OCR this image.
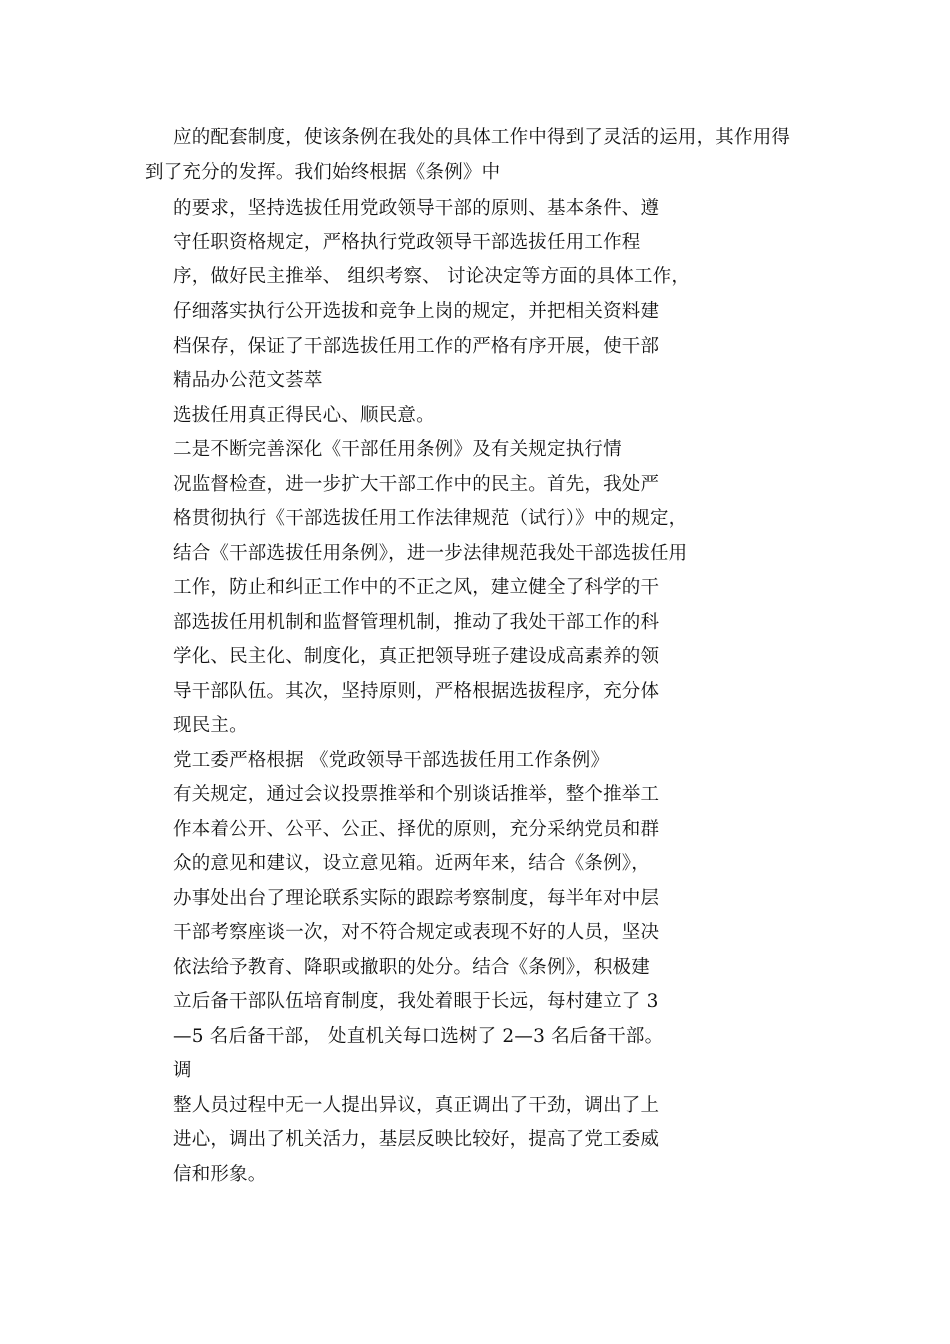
应的配套制度，使该条例在我处的具体工作中得到了灵活的运用，其作用得

到了充分的发挥。我们始终根据《条例》中

的要求，坚持选拔任用党政领导干部的原则、基本条件、遵

守任职资格规定，严格执行党政领导干部选拔任用工作程

序，做好民主推举、 组织考察、 讨论决定等方面的具体工作，

仔细落实执行公开选拔和竞争上岗的规定，并把相关资料建

档保存，保证了干部选拔任用工作的严格有序开展，使干部

精品办公范文荟萃

选拔任用真正得民心、顺民意。

二是不断完善深化《干部任用条例》及有关规定执行情

况监督检查，进一步扩大干部工作中的民主。首先，我处严

格贯彻执行《干部选拔任用工作法律规范（试行）》中的规定，

结合《干部选拔任用条例》，进一步法律规范我处干部选拔任用

工作，防止和纠正工作中的不正之风，建立健全了科学的干

部选拔任用机制和监督管理机制，推动了我处干部工作的科

学化、民主化、制度化，真正把领导班子建设成高素养的领

导干部队伍。其次，坚持原则，严格根据选拔程序，充分体

现民主。

党工委严格根据 《党政领导干部选拔任用工作条例》

有关规定，通过会议投票推举和个别谈话推举，整个推举工

作本着公开、公平、公正、择优的原则，充分采纳党员和群

众的意见和建议，设立意见箱。近两年来，结合《条例》，

办事处出台了理论联系实际的跟踪考察制度，每半年对中层

干部考察座谈一次，对不符合规定或表现不好的人员，坚决

依法给予教育、降职或撤职的处分。结合《条例》，积极建

立后备干部队伍培育制度，我处着眼于长远，每村建立了 3

—5 名后备干部， 处直机关每口选树了 2—3 名后备干部。

调

整人员过程中无一人提出异议，真正调出了干劲，调出了上

进心，调出了机关活力，基层反映比较好，提高了党工委威

信和形象。
